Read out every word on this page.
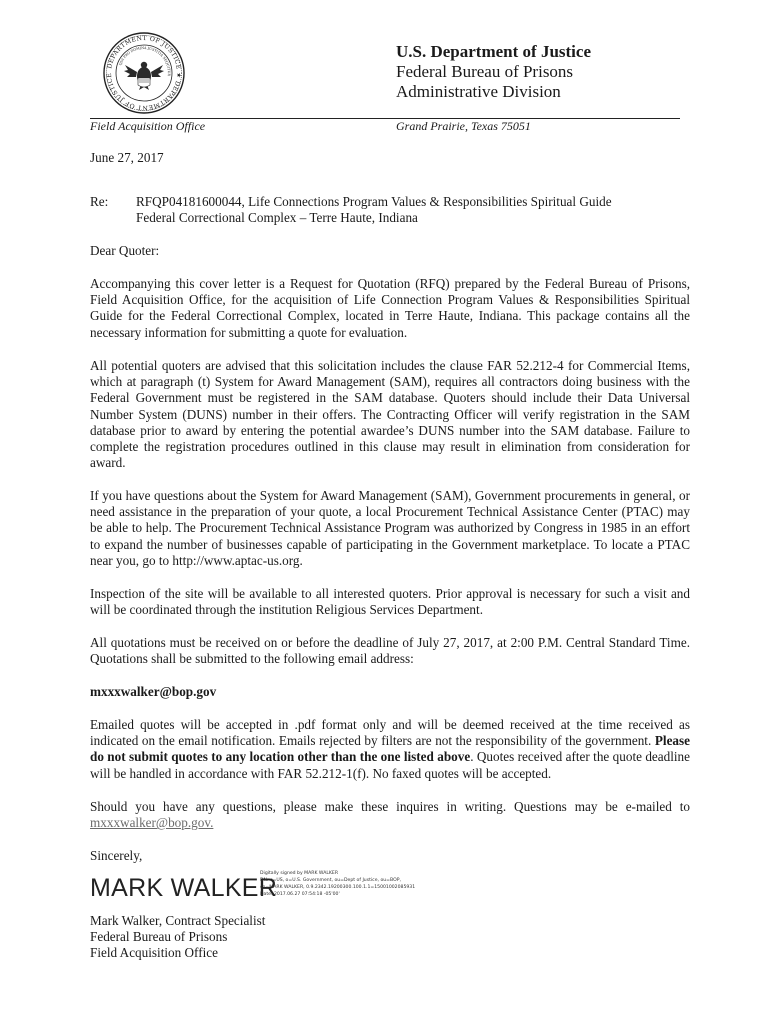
DEPARTMENT OF JUSTICE ★ DEPARTMENT OF JUSTICE
QUI PRO DOMINA JUSTITIA SEQUITUR
U.S. Department of Justice
Federal Bureau of Prisons
Administrative Division
Field Acquisition Office	Grand Prairie, Texas 75051
June 27, 2017
Re: RFQP04181600044, Life Connections Program Values & Responsibilities Spiritual Guide
Federal Correctional Complex – Terre Haute, Indiana
Dear Quoter:
Accompanying this cover letter is a Request for Quotation (RFQ) prepared by the Federal Bureau of Prisons, Field Acquisition Office, for the acquisition of Life Connection Program Values & Responsibilities Spiritual Guide for the Federal Correctional Complex, located in Terre Haute, Indiana. This package contains all the necessary information for submitting a quote for evaluation.
All potential quoters are advised that this solicitation includes the clause FAR 52.212-4 for Commercial Items, which at paragraph (t) System for Award Management (SAM), requires all contractors doing business with the Federal Government must be registered in the SAM database. Quoters should include their Data Universal Number System (DUNS) number in their offers. The Contracting Officer will verify registration in the SAM database prior to award by entering the potential awardee’s DUNS number into the SAM database. Failure to complete the registration procedures outlined in this clause may result in elimination from consideration for award.
If you have questions about the System for Award Management (SAM), Government procurements in general, or need assistance in the preparation of your quote, a local Procurement Technical Assistance Center (PTAC) may be able to help. The Procurement Technical Assistance Program was authorized by Congress in 1985 in an effort to expand the number of businesses capable of participating in the Government marketplace. To locate a PTAC near you, go to http://www.aptac-us.org.
Inspection of the site will be available to all interested quoters. Prior approval is necessary for such a visit and will be coordinated through the institution Religious Services Department.
All quotations must be received on or before the deadline of July 27, 2017, at 2:00 P.M. Central Standard Time. Quotations shall be submitted to the following email address:
mxxxwalker@bop.gov
Emailed quotes will be accepted in .pdf format only and will be deemed received at the time received as indicated on the email notification. Emails rejected by filters are not the responsibility of the government. Please do not submit quotes to any location other than the one listed above. Quotes received after the quote deadline will be handled in accordance with FAR 52.212-1(f). No faxed quotes will be accepted.
Should you have any questions, please make these inquires in writing. Questions may be e-mailed to mxxxwalker@bop.gov.
Sincerely,
MARK WALKER
Digitally signed by MARK WALKER
DN: c=US, o=U.S. Government, ou=Dept of Justice, ou=BOP,
cn=MARK WALKER, 0.9.2342.19200300.100.1.1=15001002085931
Date: 2017.06.27 07:54:18 -05'00'
Mark Walker, Contract Specialist
Federal Bureau of Prisons
Field Acquisition Office
